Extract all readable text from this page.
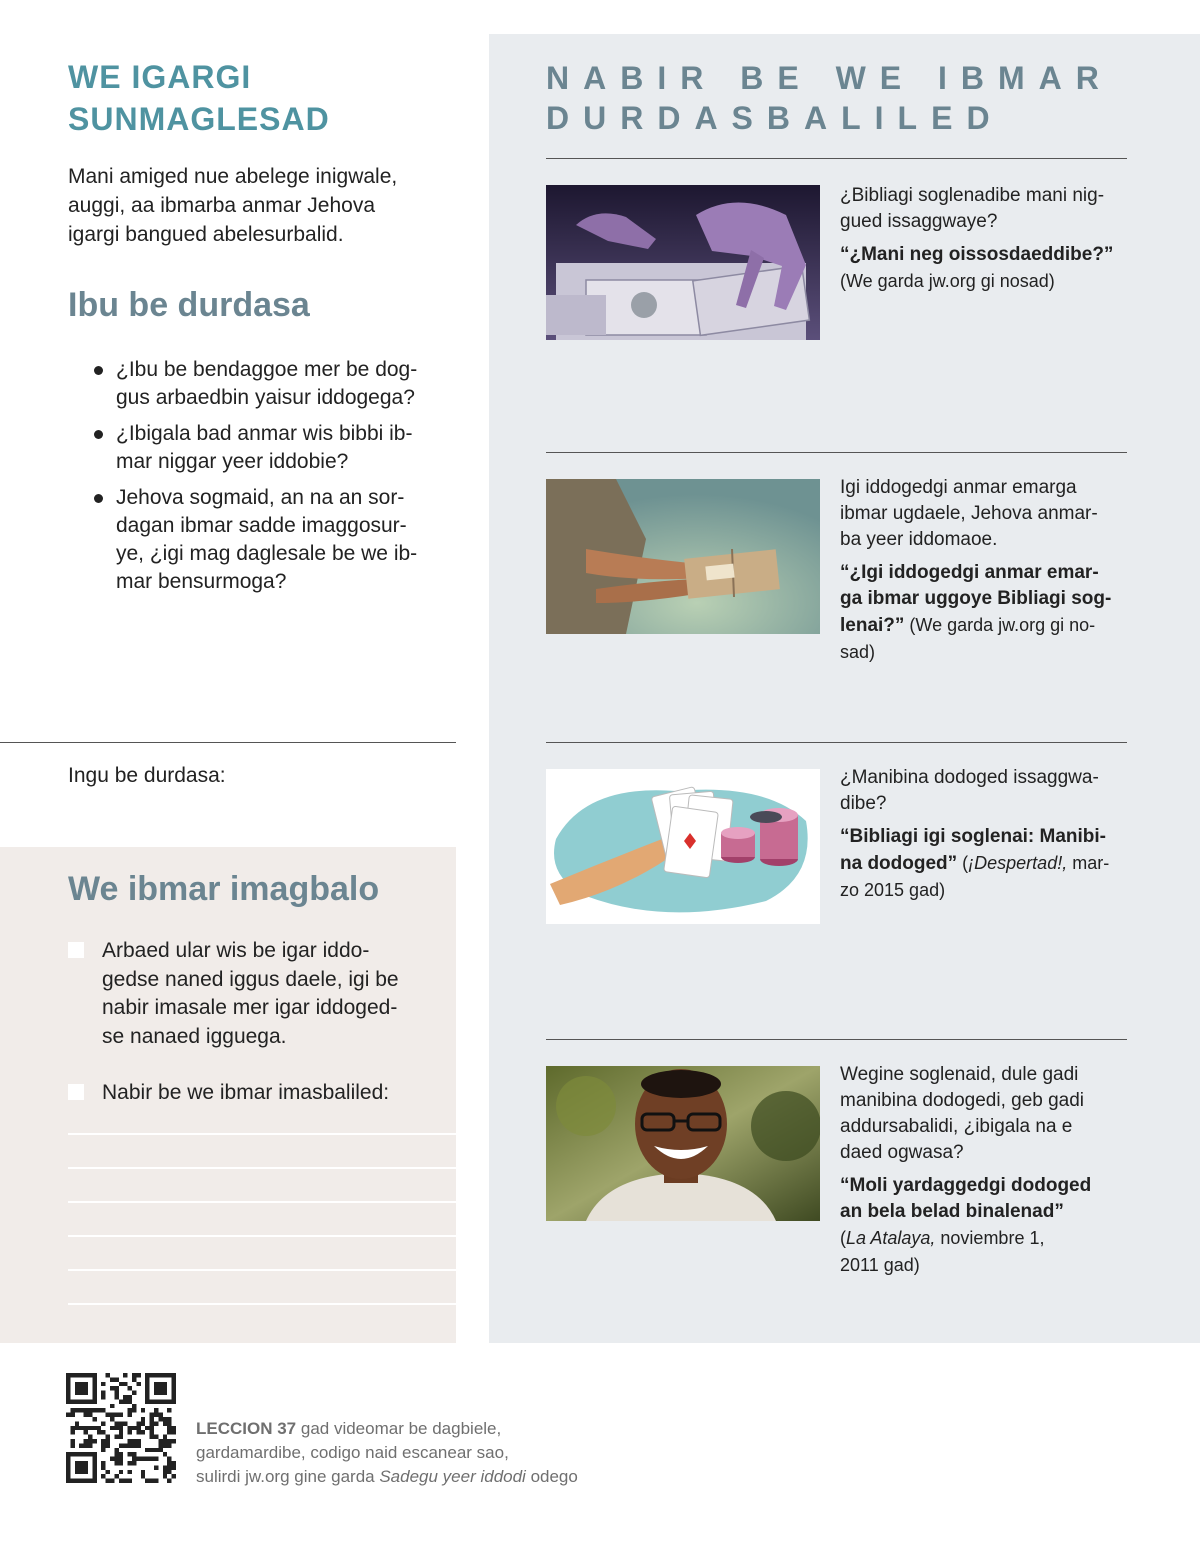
WE IGARGI
SUNMAGLESAD
Mani amiged nue abelege inigwale,
auggi, aa ibmarba anmar Jehova
igargi bangued abelesurbalid.
Ibu be durdasa
¿Ibu be bendaggoe mer be dog-
gus arbaedbin yaisur iddogega?
¿Ibigala bad anmar wis bibbi ib-
mar niggar yeer iddobie?
Jehova sogmaid, an na an sor-
dagan ibmar sadde imaggosur-
ye, ¿igi mag daglesale be we ib-
mar bensurmoga?
Ingu be durdasa:
We ibmar imagbalo
Arbaed ular wis be igar iddo-
gedse naned iggus daele, igi be
nabir imasale mer igar iddoged-
se nanaed igguega.
Nabir be we ibmar imasbaliled:
NABIR BE WE IBMAR
DURDASBALILED
¿Bibliagi soglenadibe mani nig-
gued issaggwaye?
“¿Mani neg oissosdaeddibe?”
(We garda jw.org gi nosad)
Igi iddogedgi anmar emarga
ibmar ugdaele, Jehova anmar-
ba yeer iddomaoe.
“¿Igi iddogedgi anmar emar-
ga ibmar uggoye Bibliagi sog-
lenai?” (We garda jw.org gi no-
sad)
¿Manibina dodoged issaggwa-
dibe?
“Bibliagi igi soglenai: Manibi-
na dodoged” (¡Despertad!, mar-
zo 2015 gad)
Wegine soglenaid, dule gadi
manibina dodogedi, geb gadi
addursabalidi, ¿ibigala na e
daed ogwasa?
“Moli yardaggedgi dodoged
an bela belad binalenad”
(La Atalaya, noviembre 1,
2011 gad)
LECCION 37 gad videomar be dagbiele,
gardamardibe, codigo naid escanear sao,
sulirdi jw.org gine garda Sadegu yeer iddodi odego
